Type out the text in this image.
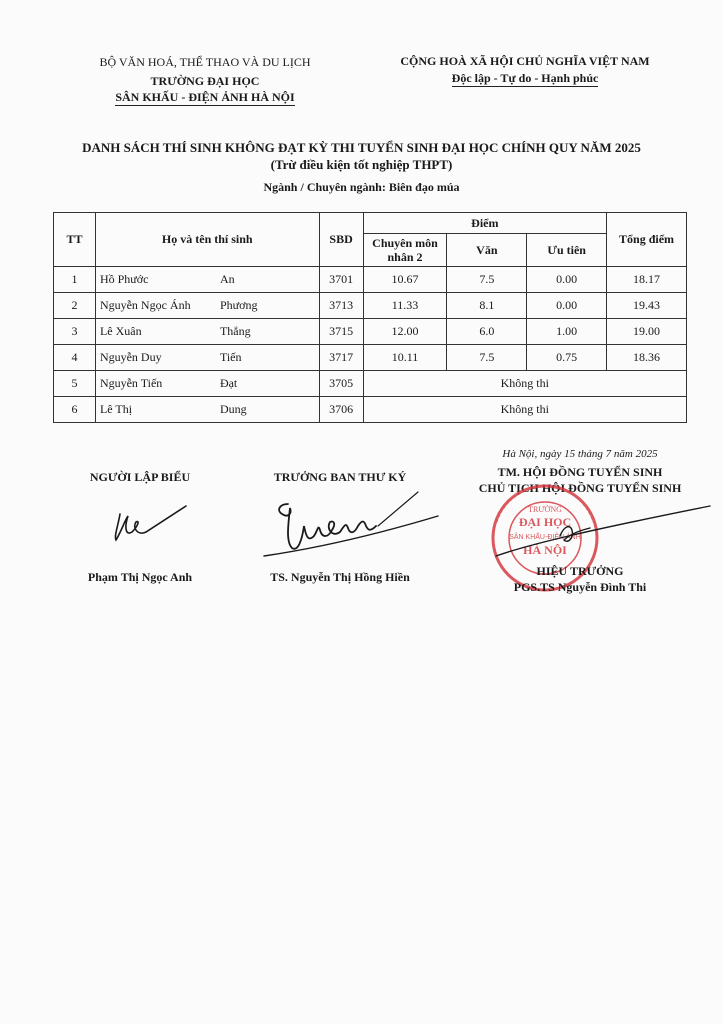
BỘ VĂN HOÁ, THỂ THAO VÀ DU LỊCH
TRƯỜNG ĐẠI HỌC
SÂN KHẤU - ĐIỆN ẢNH HÀ NỘI
CỘNG HOÀ XÃ HỘI CHỦ NGHĨA VIỆT NAM
Độc lập - Tự do - Hạnh phúc
DANH SÁCH THÍ SINH KHÔNG ĐẠT KỲ THI TUYỂN SINH ĐẠI HỌC CHÍNH QUY NĂM 2025
(Trừ điều kiện tốt nghiệp THPT)
Ngành / Chuyên ngành: Biên đạo múa
TT	Họ và tên thí sinh	SBD	Điểm			Tổng điểm
			Chuyên môn nhân 2	Văn	Ưu tiên	
1	Hồ Phước An	3701	10.67	7.5	0.00	18.17
2	Nguyễn Ngọc Ánh Phương	3713	11.33	8.1	0.00	19.43
3	Lê Xuân Thắng	3715	12.00	6.0	1.00	19.00
4	Nguyễn Duy Tiến	3717	10.11	7.5	0.75	18.36
5	Nguyễn Tiến Đạt	3705	Không thi			
6	Lê Thị Dung	3706	Không thi			
Hà Nội, ngày 15 tháng 7 năm 2025
NGƯỜI LẬP BIỂU	TRƯỞNG BAN THƯ KÝ	TM. HỘI ĐỒNG TUYỂN SINH
CHỦ TỊCH HỘI ĐỒNG TUYỂN SINH
TRƯỜNG
ĐẠI HỌC
SÂN KHẤU-ĐIỆN ẢNH
HÀ NỘI
Phạm Thị Ngọc Anh	TS. Nguyễn Thị Hồng Hiền	HIỆU TRƯỞNG
PGS.TS Nguyễn Đình Thi
